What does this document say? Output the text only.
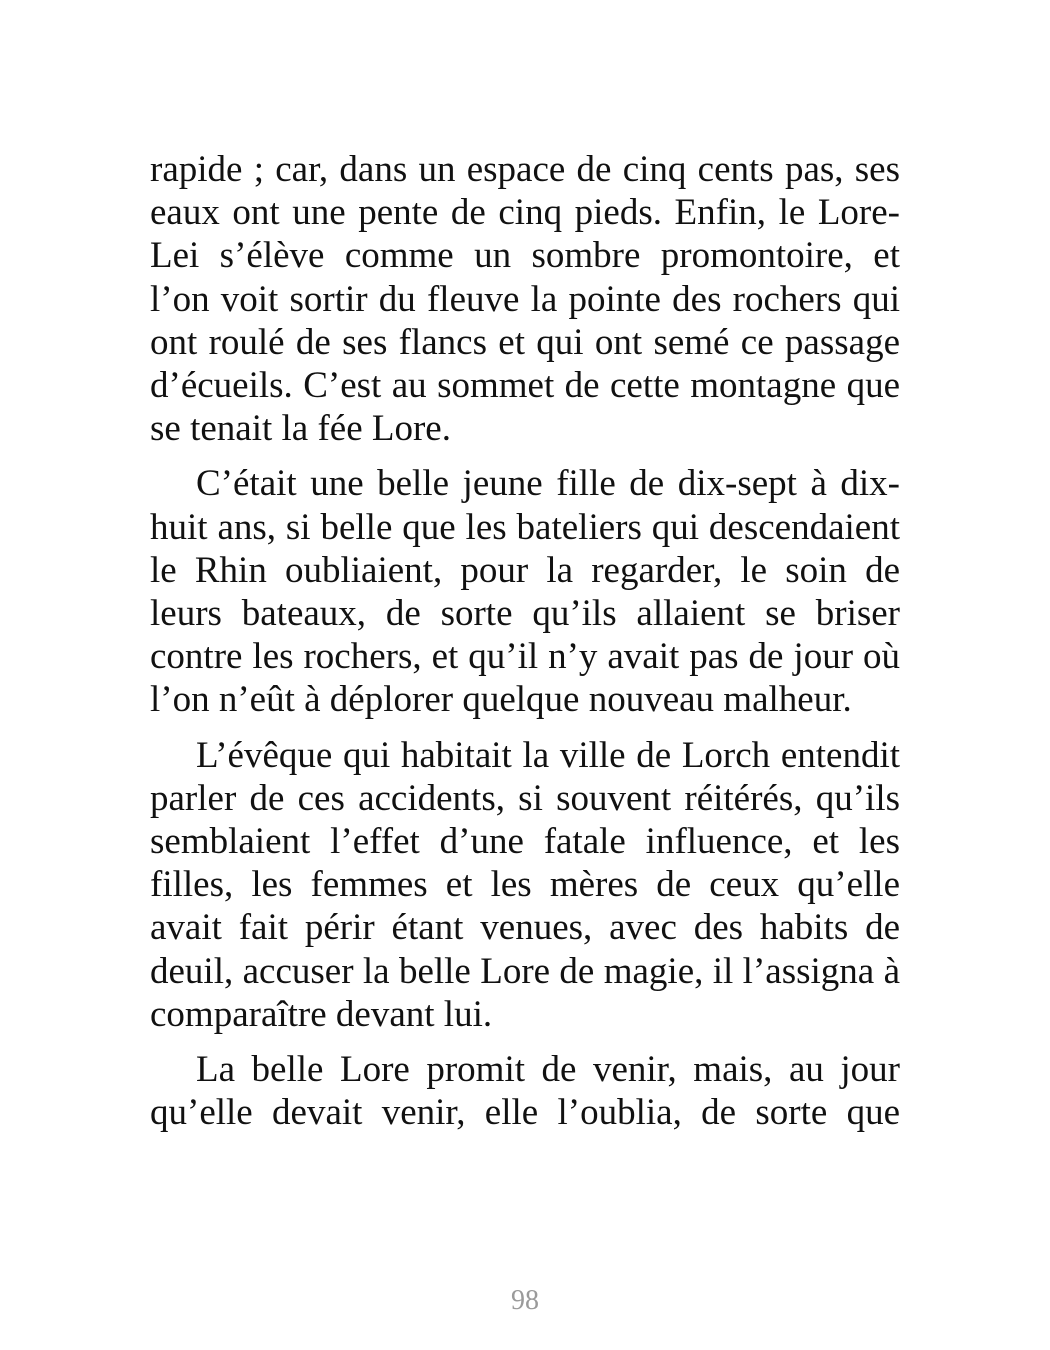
rapide ; car, dans un espace de cinq cents pas, ses eaux ont une pente de cinq pieds. Enfin, le Lore-Lei s’élève comme un sombre promontoire, et l’on voit sortir du fleuve la pointe des rochers qui ont roulé de ses flancs et qui ont semé ce passage d’écueils. C’est au sommet de cette montagne que se tenait la fée Lore.

C’était une belle jeune fille de dix-sept à dix-huit ans, si belle que les bateliers qui descendaient le Rhin oubliaient, pour la regarder, le soin de leurs bateaux, de sorte qu’ils allaient se briser contre les rochers, et qu’il n’y avait pas de jour où l’on n’eût à déplorer quelque nouveau malheur.

L’évêque qui habitait la ville de Lorch entendit parler de ces accidents, si souvent réitérés, qu’ils semblaient l’effet d’une fatale influence, et les filles, les femmes et les mères de ceux qu’elle avait fait périr étant venues, avec des habits de deuil, accuser la belle Lore de magie, il l’assigna à comparaître devant lui.

La belle Lore promit de venir, mais, au jour qu’elle devait venir, elle l’oublia, de sorte que

98
